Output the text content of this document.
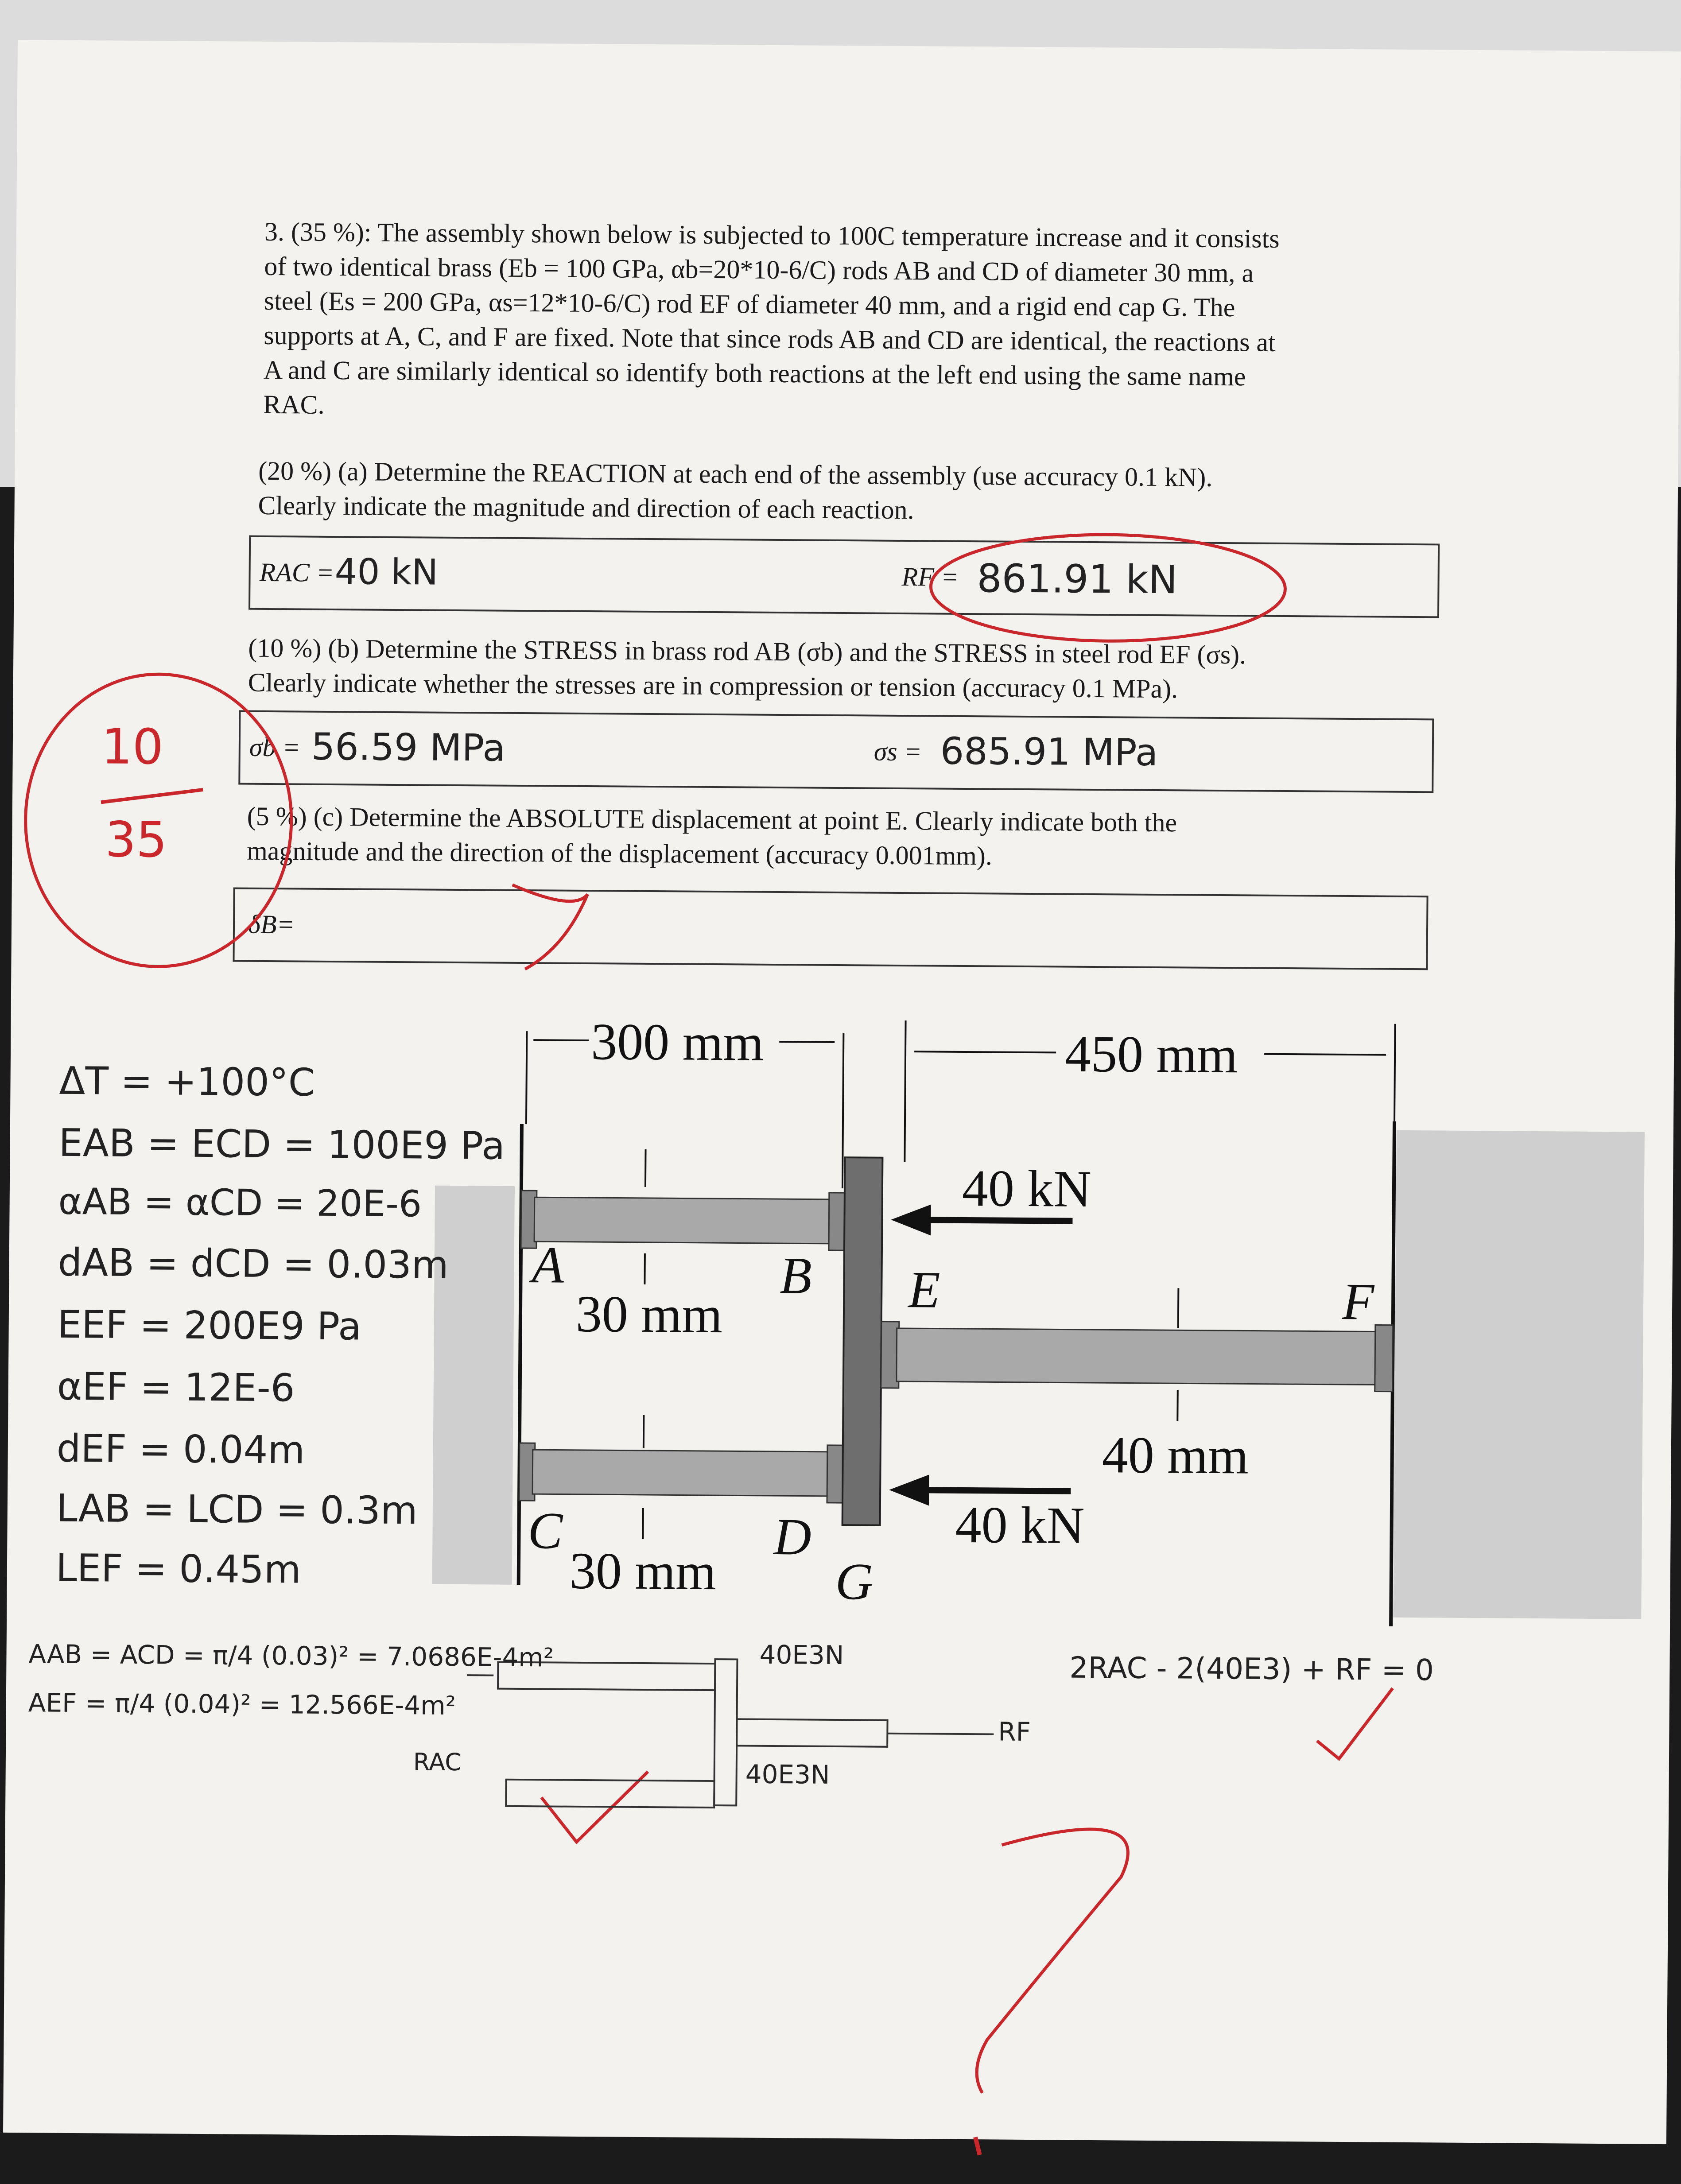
3. (35 %): The assembly shown below is subjected to 100C temperature increase and it consists
of two identical brass (Eb = 100 GPa, αb=20*10-6/C) rods AB and CD of diameter 30 mm, a
steel (Es = 200 GPa, αs=12*10-6/C) rod EF of diameter 40 mm, and a rigid end cap G. The
supports at A, C, and F are fixed. Note that since rods AB and CD are identical, the reactions at
A and C are similarly identical so identify both reactions at the left end using the same name
RAC.
(20 %) (a) Determine the REACTION at each end of the assembly (use accuracy 0.1 kN).
Clearly indicate the magnitude and direction of each reaction.
RAC = 40 kN	RF = 861.91 kN
(10 %) (b) Determine the STRESS in brass rod AB (σb) and the STRESS in steel rod EF (σs).
Clearly indicate whether the stresses are in compression or tension (accuracy 0.1 MPa).
σb = 56.59 MPa	σs = 685.91 MPa
(5 %) (c) Determine the ABSOLUTE displacement at point E. Clearly indicate both the
magnitude and the direction of the displacement (accuracy 0.001mm).
δB=
10
35
300 mm	450 mm
40 kN
40 kN
30 mm
30 mm
40 mm
A	B
C	D
E	F
G
ΔT = +100°C
EAB = ECD = 100E9 Pa
αAB = αCD = 20E-6
dAB = dCD = 0.03m
EEF = 200E9 Pa
αEF = 12E-6
dEF = 0.04m
LAB = LCD = 0.3m
LEF = 0.45m
AAB = ACD = π/4 (0.03)² = 7.0686E-4m²
AEF = π/4 (0.04)² = 12.566E-4m²
40E3N
40E3N
RAC
RF
2RAC - 2(40E3) + RF = 0
